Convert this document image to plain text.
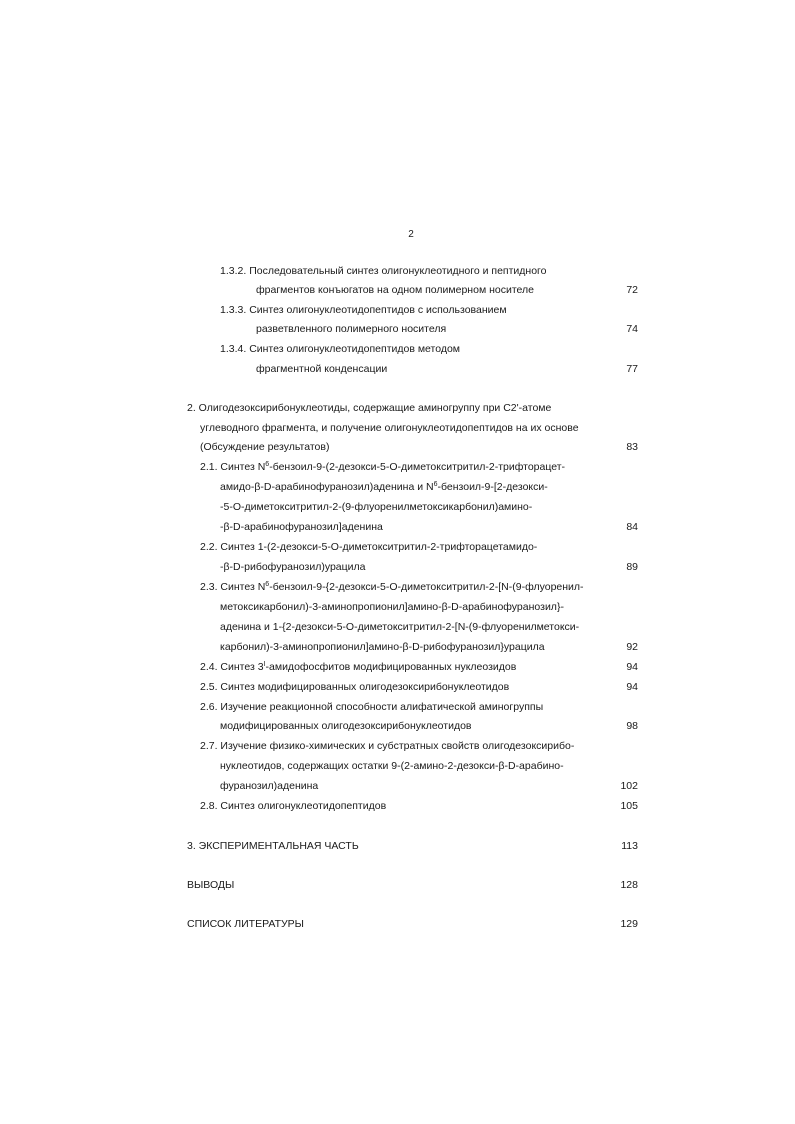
2
1.3.2. Последовательный синтез олигонуклеотидного и пептидного
фрагментов конъюгатов на одном полимерном носителе	72
1.3.3. Синтез олигонуклеотидопептидов с использованием
разветвленного полимерного носителя	74
1.3.4. Синтез олигонуклеотидопептидов методом
фрагментной конденсации	77
2. Олигодезоксирибонуклеотиды, содержащие аминогруппу при С2'-атоме
углеводного фрагмента, и получение олигонуклеотидопептидов на их основе
(Обсуждение результатов)	83
2.1. Синтез $N^6-бензоил-9-(2-дезокси-5-О-диметокситритил-2-трифторацет-$
амидо-β-D-арабинофуранозил)аденина и $N^6-бензоил-9-[2-дезокси-$
-5-О-диметокситритил-2-(9-флуоренилметоксикарбонил)амино-
-β-D-арабинофуранозил]аденина	84
2.2. Синтез 1-(2-дезокси-5-О-диметокситритил-2-трифторацетамидо-
-β-D-рибофуранозил)урацила	89
2.3. Синтез $N^6-бензоил-9-\{2-дезокси-5-О-диметокситритил-2-[N-(9-флуоренил-$
метоксикарбонил)-3-аминопропионил]амино-β-D-арабинофуранозил}-
аденина и 1-{2-дезокси-5-О-диметокситритил-2-[N-(9-флуоренилметокси-
карбонил)-3-аминопропионил]амино-β-D-рибофуранозил}урацила	92
2.4. Синтез $3^I$-амидофосфитов модифицированных нуклеозидов	94
2.5. Синтез модифицированных олигодезоксирибонуклеотидов	94
2.6. Изучение реакционной способности алифатической аминогруппы
модифицированных олигодезоксирибонуклеотидов	98
2.7. Изучение физико-химических и субстратных свойств олигодезоксирибо-
нуклеотидов, содержащих остатки 9-(2-амино-2-дезокси-β-D-арабино-
фуранозил)аденина	102
2.8. Синтез олигонуклеотидопептидов	105
3. ЭКСПЕРИМЕНТАЛЬНАЯ ЧАСТЬ	113
ВЫВОДЫ	128
СПИСОК ЛИТЕРАТУРЫ	129
